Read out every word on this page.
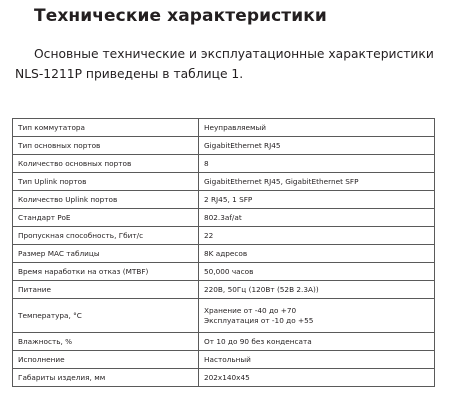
Технические характеристики
Основные технические и эксплуатационные характеристики
NLS-1211P приведены в таблице 1.
Тип коммутатора	Неуправляемый
Тип основных портов	GigabitEthernet RJ45
Количество основных портов	8
Тип Uplink портов	GigabitEthernet RJ45, GigabitEthernet SFP
Количество Uplink портов	2 RJ45, 1 SFP
Стандарт PoE	802.3af/at
Пропускная способность, Гбит/с	22
Размер MAC таблицы	8K адресов
Время наработки на отказ (MTBF)	50,000 часов
Питание	220В, 50Гц (120Вт (52В 2.3А))
Температура, °C	Хранение от -40 до +70
Эксплуатация от -10 до +55

Влажность, %	От 10 до 90 без конденсата
Исполнение	Настольный
Габариты изделия, мм	202х140х45
